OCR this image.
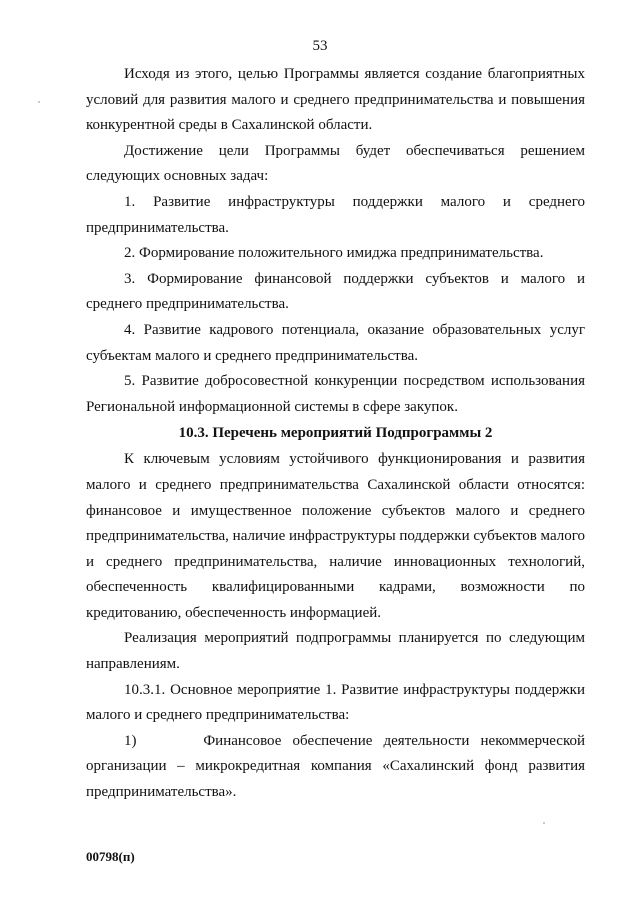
53

Исходя из этого, целью Программы является создание благоприятных условий для развития малого и среднего предпринимательства и повышения конкурентной среды в Сахалинской области.

Достижение цели Программы будет обеспечиваться решением следующих основных задач:

1. Развитие инфраструктуры поддержки малого и среднего предпринимательства.

2. Формирование положительного имиджа предпринимательства.

3. Формирование финансовой поддержки субъектов и малого и среднего предпринимательства.

4. Развитие кадрового потенциала, оказание образовательных услуг субъектам малого и среднего предпринимательства.

5. Развитие добросовестной конкуренции посредством использования Региональной информационной системы в сфере закупок.

10.3. Перечень мероприятий Подпрограммы 2

К ключевым условиям устойчивого функционирования и развития малого и среднего предпринимательства Сахалинской области относятся: финансовое и имущественное положение субъектов малого и среднего предпринимательства, наличие инфраструктуры поддержки субъектов малого и среднего предпринимательства, наличие инновационных технологий, обеспеченность квалифицированными кадрами, возможности по кредитованию, обеспеченность информацией.

Реализация мероприятий подпрограммы планируется по следующим направлениям.

10.3.1. Основное мероприятие 1. Развитие инфраструктуры поддержки малого и среднего предпринимательства:

1)      Финансовое обеспечение деятельности некоммерческой организации – микрокредитная компания «Сахалинский фонд развития предпринимательства».

00798(п)
